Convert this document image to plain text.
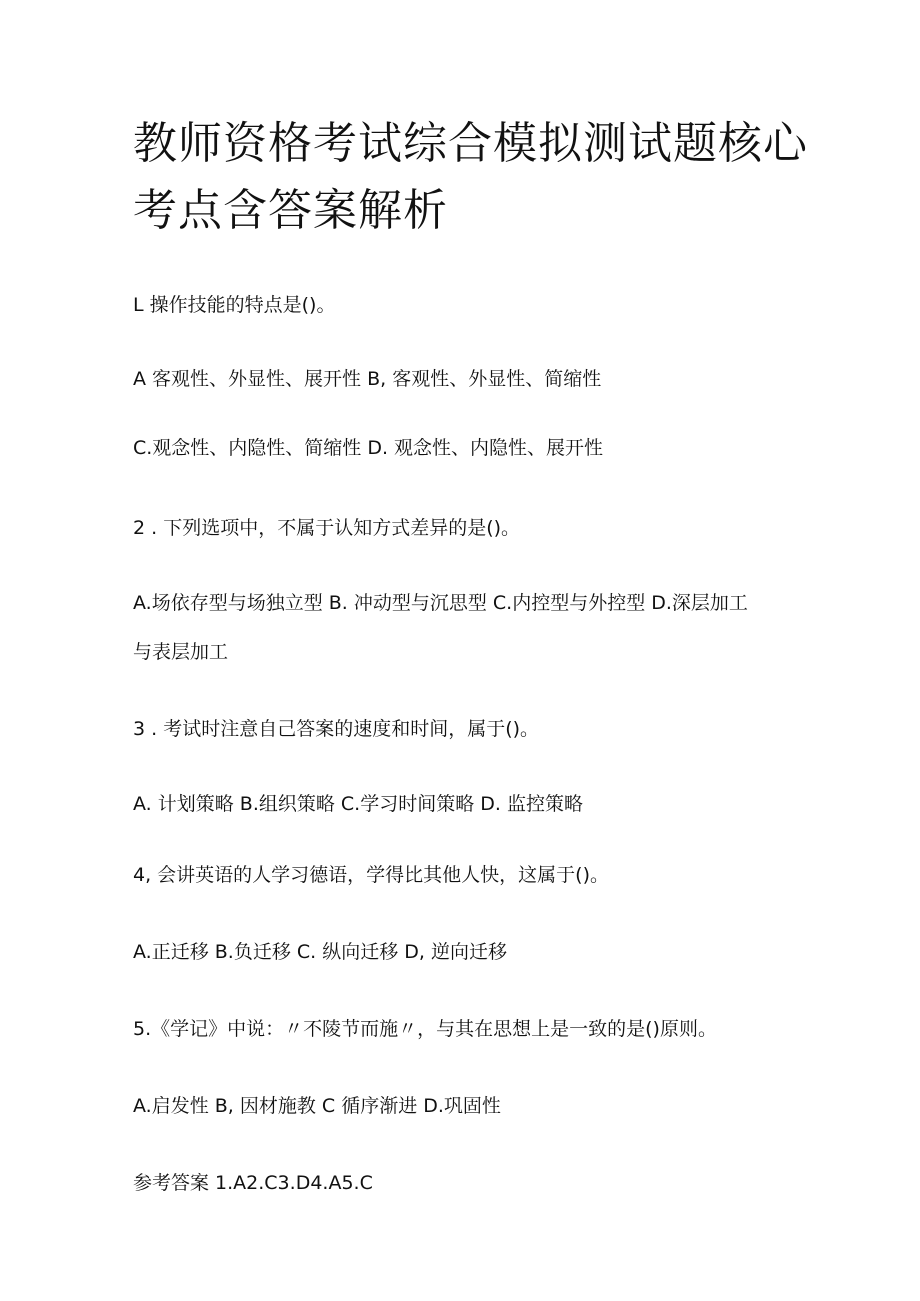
教师资格考试综合模拟测试题核心
考点含答案解析

L 操作技能的特点是()。

A 客观性、外显性、展开性 B, 客观性、外显性、简缩性

C.观念性、内隐性、简缩性 D. 观念性、内隐性、展开性

2 . 下列选项中，不属于认知方式差异的是()。

A.场依存型与场独立型 B. 冲动型与沉思型 C.内控型与外控型 D.深层加工

与表层加工

3 . 考试时注意自己答案的速度和时间，属于()。

A. 计划策略 B.组织策略 C.学习时间策略 D. 监控策略

4, 会讲英语的人学习德语，学得比其他人快，这属于()。

A.正迁移 B.负迁移 C. 纵向迁移 D, 逆向迁移

5.《学记》中说：〃不陵节而施〃，与其在思想上是一致的是()原则。

A.启发性 B, 因材施教 C 循序渐进 D.巩固性

参考答案 1.A2.C3.D4.A5.C
